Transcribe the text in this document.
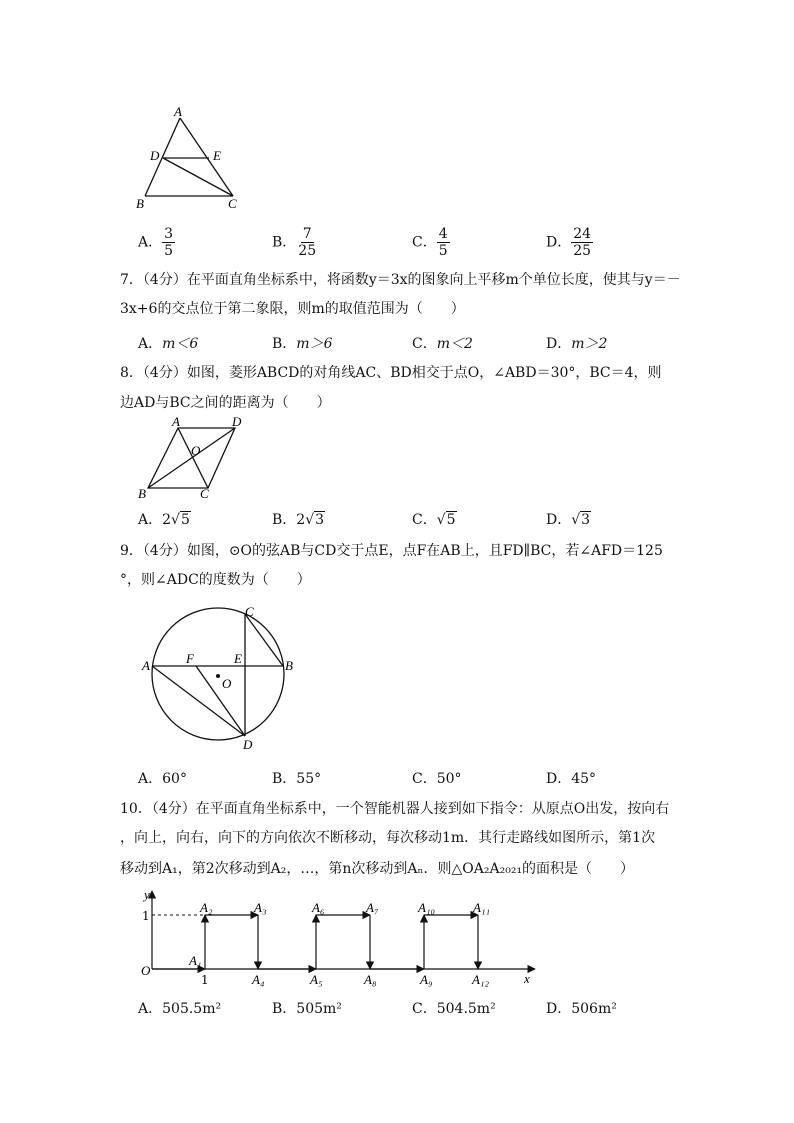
A
D	E
B	C
A． $\frac{3}{5}$	B． $\frac{7}{25}$	C． $\frac{4}{5}$	D． $\frac{24}{25}$
7．（4分）在平面直角坐标系中，将函数y＝3x的图象向上平移m个单位长度，使其与y＝－
3x+6的交点位于第二象限，则m的取值范围为（　　）
A．m＜6	B．m＞6	C．m＜2	D．m＞2
8．（4分）如图，菱形ABCD的对角线AC、BD相交于点O，∠ABD＝30°，BC＝4，则
边AD与BC之间的距离为（　　）
A	D
O
B	C
A．2√5	B．2√3	C．√5	D．√3
9．（4分）如图，⊙O的弦AB与CD交于点E，点F在AB上，且FD∥BC，若∠AFD＝125
°，则∠ADC的度数为（　　）
A	B
C
D
E
F
O
A．60°	B．55°	C．50°	D．45°
10．（4分）在平面直角坐标系中，一个智能机器人接到如下指令：从原点O出发，按向右
，向上，向右，向下的方向依次不断移动，每次移动1m．其行走路线如图所示，第1次
移动到A₁，第2次移动到A₂，…，第n次移动到Aₙ．则△OA₂A₂₀₂₁的面积是（　　）
y
x
O
1
1
A₁
A₂	A₃
A₄	A₅
A₆	A₇
A₈	A₉
A₁₀	A₁₁
A₁₂
A．505.5m²	B．505m²	C．504.5m²	D．506m²
